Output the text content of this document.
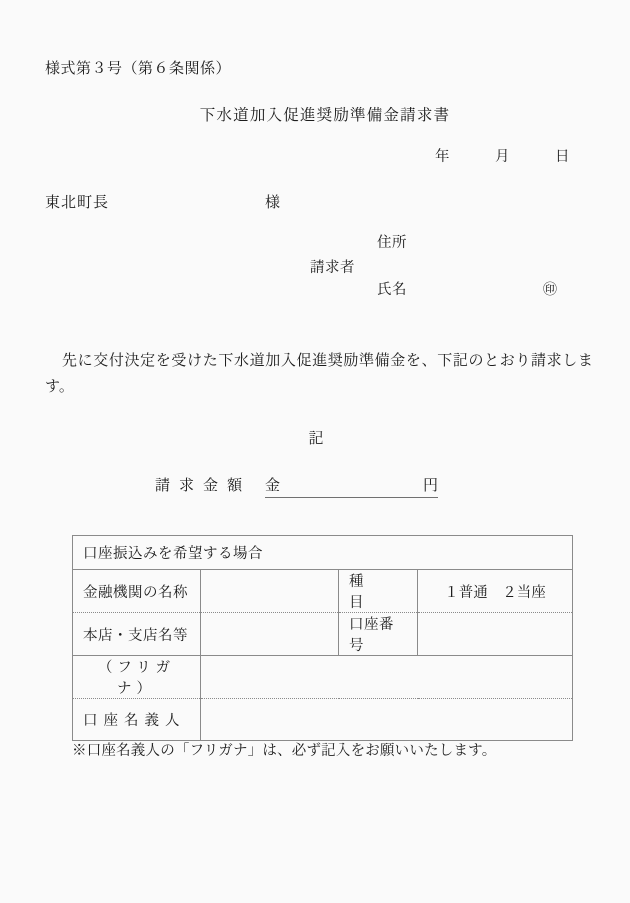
様式第３号（第６条関係）
下水道加入促進奨励準備金請求書
年　　　月　　　日
東北町長	様
請求者
住所
氏名	㊞
先に交付決定を受けた下水道加入促進奨励準備金を、下記のとおり請求します。
記
請求金額 金	円
口座振込みを希望する場合			
金融機関の名称		種　　目	１普通　２当座
本店・支店名等		口座番号	
（フリガナ）			
口座名義人			
※口座名義人の「フリガナ」は、必ず記入をお願いいたします。
